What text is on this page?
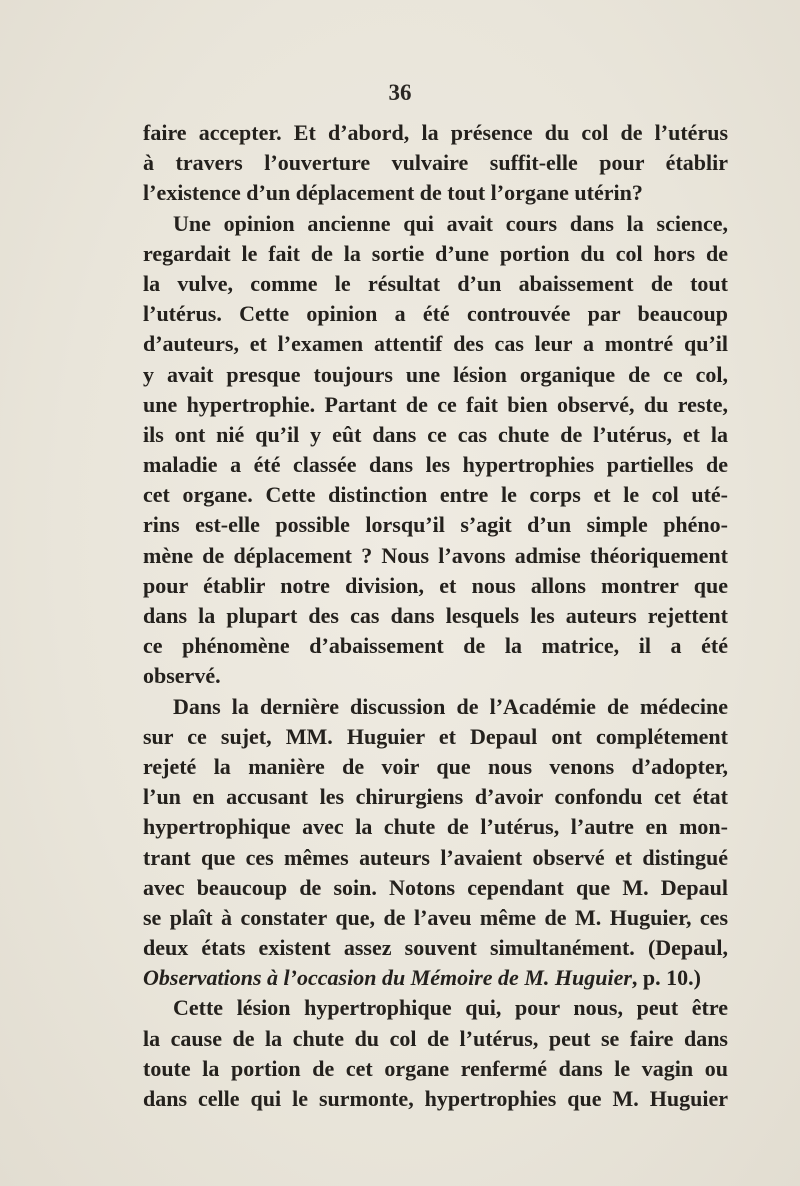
36
faire accepter. Et d’abord, la présence du col de l’utérus
à travers l’ouverture vulvaire suffit-elle pour établir
l’existence d’un déplacement de tout l’organe utérin?
Une opinion ancienne qui avait cours dans la science,
regardait le fait de la sortie d’une portion du col hors de
la vulve, comme le résultat d’un abaissement de tout
l’utérus. Cette opinion a été controuvée par beaucoup
d’auteurs, et l’examen attentif des cas leur a montré qu’il
y avait presque toujours une lésion organique de ce col,
une hypertrophie. Partant de ce fait bien observé, du reste,
ils ont nié qu’il y eût dans ce cas chute de l’utérus, et la
maladie a été classée dans les hypertrophies partielles de
cet organe. Cette distinction entre le corps et le col uté-
rins est-elle possible lorsqu’il s’agit d’un simple phéno-
mène de déplacement ? Nous l’avons admise théoriquement
pour établir notre division, et nous allons montrer que
dans la plupart des cas dans lesquels les auteurs rejettent
ce phénomène d’abaissement de la matrice, il a été
observé.
Dans la dernière discussion de l’Académie de médecine
sur ce sujet, MM. Huguier et Depaul ont complétement
rejeté la manière de voir que nous venons d’adopter,
l’un en accusant les chirurgiens d’avoir confondu cet état
hypertrophique avec la chute de l’utérus, l’autre en mon-
trant que ces mêmes auteurs l’avaient observé et distingué
avec beaucoup de soin. Notons cependant que M. Depaul
se plaît à constater que, de l’aveu même de M. Huguier, ces
deux états existent assez souvent simultanément. (Depaul,
Observations à l’occasion du Mémoire de M. Huguier, p. 10.)
Cette lésion hypertrophique qui, pour nous, peut être
la cause de la chute du col de l’utérus, peut se faire dans
toute la portion de cet organe renfermé dans le vagin ou
dans celle qui le surmonte, hypertrophies que M. Huguier
